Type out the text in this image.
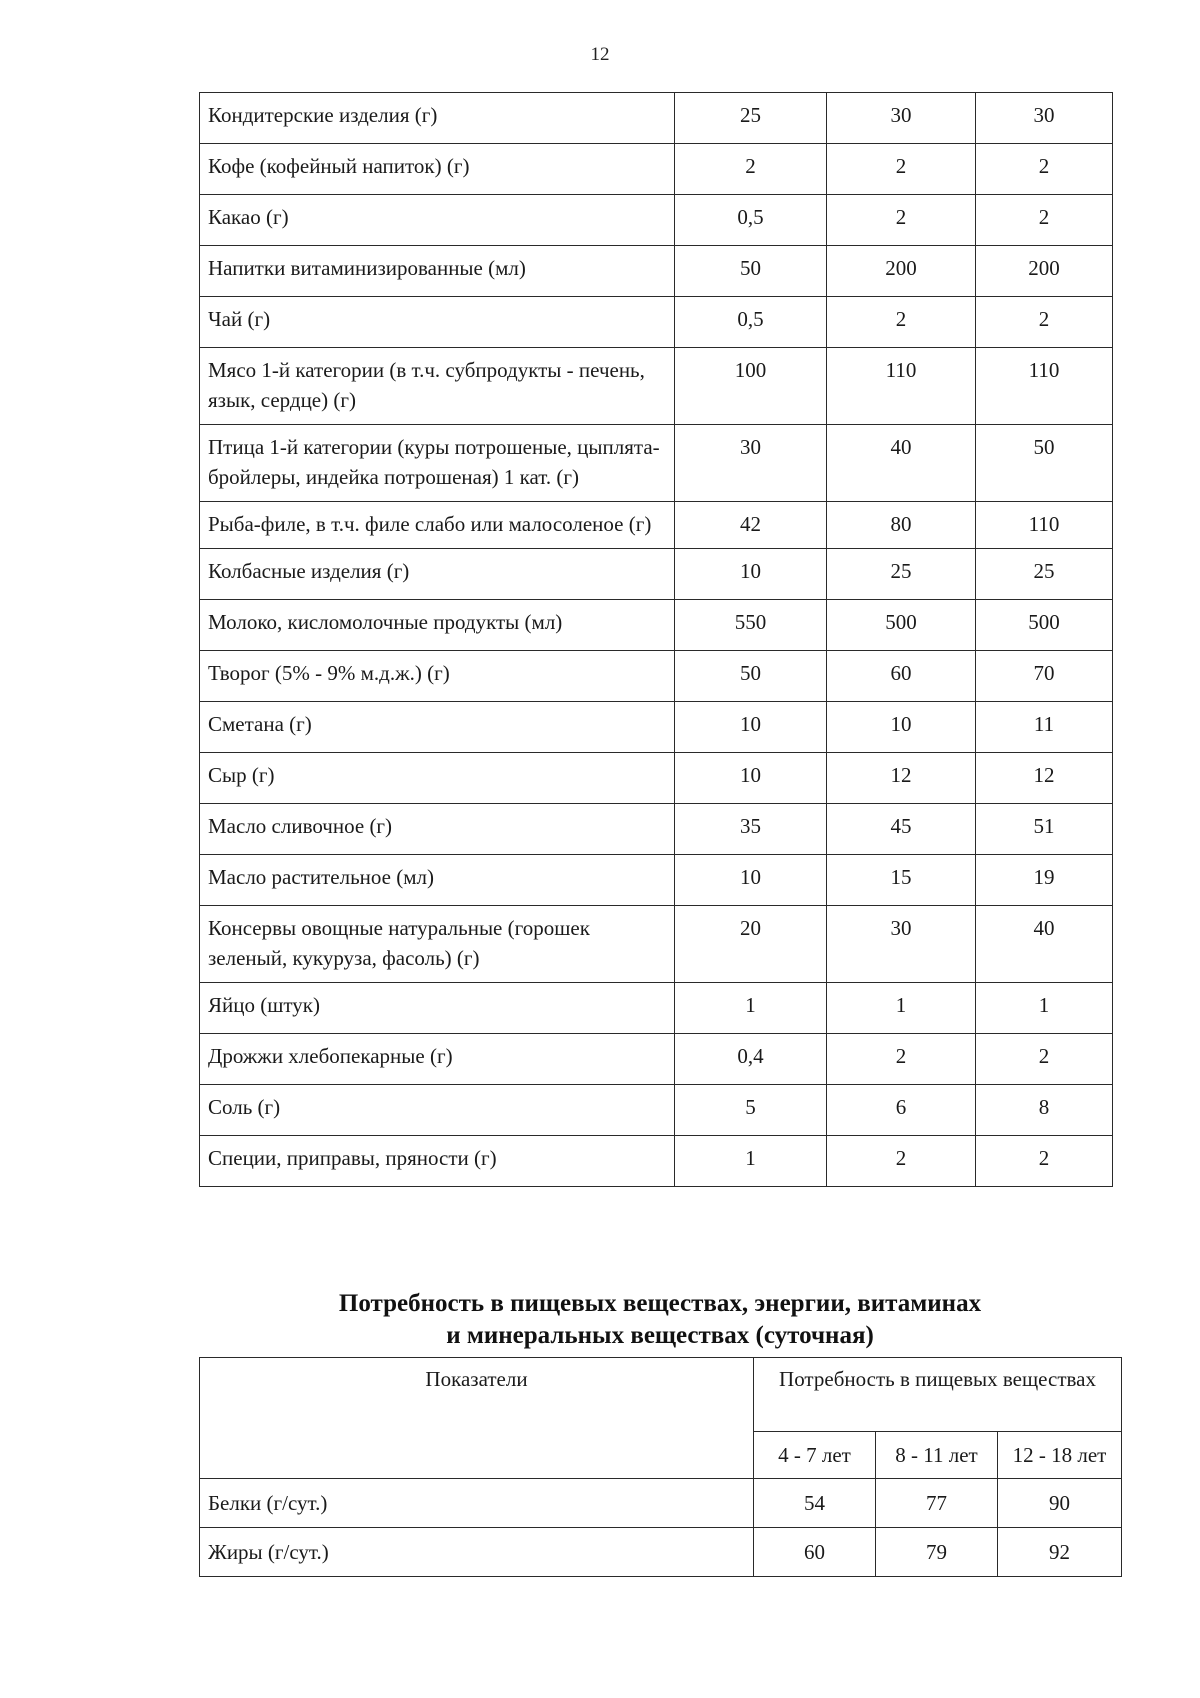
12
Кондитерские изделия (г)	25	30	30
Кофе (кофейный напиток) (г)	2	2	2
Какао (г)	0,5	2	2
Напитки витаминизированные (мл)	50	200	200
Чай (г)	0,5	2	2
Мясо 1-й категории (в т.ч. субпродукты - печень, язык, сердце) (г)	100	110	110
Птица 1-й категории (куры потрошеные, цыплята-бройлеры, индейка потрошеная) 1 кат. (г)	30	40	50
Рыба-филе, в т.ч. филе слабо или малосоленое (г)	42	80	110
Колбасные изделия (г)	10	25	25
Молоко, кисломолочные продукты (мл)	550	500	500
Творог (5% - 9% м.д.ж.) (г)	50	60	70
Сметана (г)	10	10	11
Сыр (г)	10	12	12
Масло сливочное (г)	35	45	51
Масло растительное (мл)	10	15	19
Консервы овощные натуральные (горошек зеленый, кукуруза, фасоль) (г)	20	30	40
Яйцо (штук)	1	1	1
Дрожжи хлебопекарные (г)	0,4	2	2
Соль (г)	5	6	8
Специи, приправы, пряности (г)	1	2	2
Потребность в пищевых веществах, энергии, витаминах
и минеральных веществах (суточная)
Показатели	Потребность в пищевых веществах		
	4 - 7 лет	8 - 11 лет	12 - 18 лет
Белки (г/сут.)	54	77	90
Жиры (г/сут.)	60	79	92
